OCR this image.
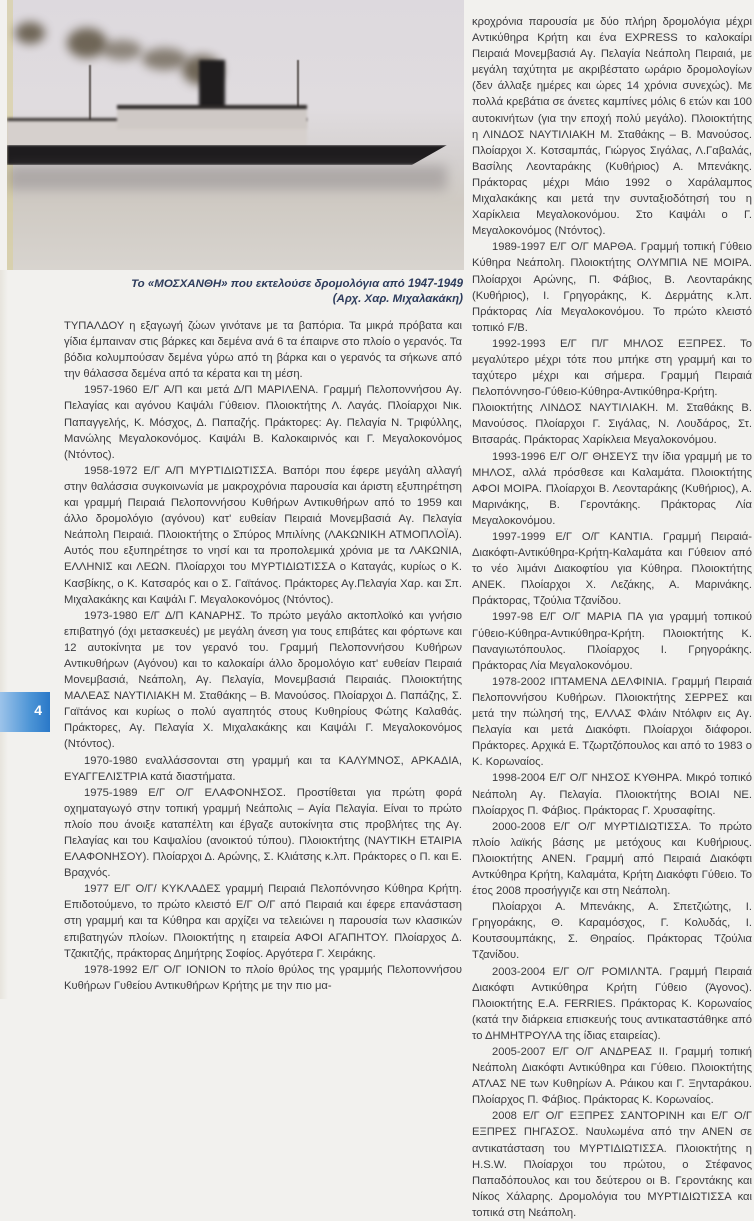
Το «ΜΟΣΧΑΝΘΗ» που εκτελούσε δρομολόγια από 1947-1949
(Αρχ. Χαρ. Μιχαλακάκη)
4

ΤΥΠΑΛΔΟΥ η εξαγωγή ζώων γινότανε με τα βαπόρια. Τα μικρά πρόβατα και γίδια έμπαιναν στις βάρκες και δεμένα ανά 6 τα έπαιρνε στο πλοίο ο γερανός. Τα βόδια κολυμπούσαν δεμένα γύρω από τη βάρκα και ο γερανός τα σήκωνε από την θάλασσα δεμένα από τα κέρατα και τη μέση.

1957-1960 Ε/Γ Α/Π και μετά Δ/Π ΜΑΡΙΛΕΝΑ. Γραμμή Πελοποννήσου Αγ. Πελαγίας και αγόνου Καψάλι Γύθειον. Πλοιοκτήτης Λ. Λαγάς. Πλοίαρχοι Νικ. Παπαγγελής, Κ. Μόσχος, Δ. Παπαζής. Πράκτορες: Αγ. Πελαγία Ν. Τριφύλλης, Μανώλης Μεγαλοκονόμος. Καψάλι Β. Καλοκαιρινός και Γ. Μεγαλοκονόμος (Ντόντος).

1958-1972 Ε/Γ Α/Π ΜΥΡΤΙΔΙΩΤΙΣΣΑ. Βαπόρι που έφερε μεγάλη αλλαγή στην θαλάσσια συγκοινωνία με μακροχρόνια παρουσία και άριστη εξυπηρέτηση και γραμμή Πειραιά Πελοποννήσου Κυθήρων Αντικυθήρων από το 1959 και άλλο δρομολόγιο (αγόνου) κατ' ευθείαν Πειραιά Μονεμβασιά Αγ. Πελαγία Νεάπολη Πειραιά. Πλοιοκτήτης ο Σπύρος Μπιλίνης (ΛΑΚΩΝΙΚΗ ΑΤΜΟΠΛΟΪΑ). Αυτός που εξυπηρέτησε το νησί και τα προπολεμικά χρόνια με τα ΛΑΚΩΝΙΑ, ΕΛΛΗΝΙΣ και ΛΕΩΝ. Πλοίαρχοι του ΜΥΡΤΙΔΙΩΤΙΣΣΑ ο Καταγάς, κυρίως ο Κ. Κασβίκης, ο Κ. Κατσαρός και ο Σ. Γαϊτάνος. Πράκτορες Αγ.Πελαγία Χαρ. και Σπ. Μιχαλακάκης και Καψάλι Γ. Μεγαλοκονόμος (Ντόντος).

1973-1980 Ε/Γ Δ/Π ΚΑΝΑΡΗΣ. Το πρώτο μεγάλο ακτοπλοϊκό και γνήσιο επιβατηγό (όχι μετασκευές) με μεγάλη άνεση για τους επιβάτες και φόρτωνε και 12 αυτοκίνητα με τον γερανό του. Γραμμή Πελοποννήσου Κυθήρων Αντικυθήρων (Αγόνου) και το καλοκαίρι άλλο δρομολόγιο κατ' ευθείαν Πειραιά Μονεμβασιά, Νεάπολη, Αγ. Πελαγία, Μονεμβασιά Πειραιάς. Πλοιοκτήτης ΜΑΛΕΑΣ ΝΑΥΤΙΛΙΑΚΗ Μ. Σταθάκης – Β. Μανούσος. Πλοίαρχοι Δ. Παπάζης, Σ. Γαϊτάνος και κυρίως ο πολύ αγαπητός στους Κυθηρίους Φώτης Καλαθάς. Πράκτορες, Αγ. Πελαγία Χ. Μιχαλακάκης και Καψάλι Γ. Μεγαλοκονόμος (Ντόντος).

1970-1980 εναλλάσσονται στη γραμμή και τα ΚΑΛΥΜΝΟΣ, ΑΡΚΑΔΙΑ, ΕΥΑΓΓΕΛΙΣΤΡΙΑ κατά διαστήματα.

1975-1989 Ε/Γ Ο/Γ ΕΛΑΦΟΝΗΣΟΣ. Προστίθεται για πρώτη φορά οχηματαγωγό στην τοπική γραμμή Νεάπολις – Αγία Πελαγία. Είναι το πρώτο πλοίο που άνοιξε καταπέλτη και έβγαζε αυτοκίνητα στις προβλήτες της Αγ. Πελαγίας και του Καψαλίου (ανοικτού τύπου). Πλοιοκτήτης (ΝΑΥΤΙΚΗ ΕΤΑΙΡΙΑ ΕΛΑΦΟΝΗΣΟΥ). Πλοίαρχοι Δ. Αρώνης, Σ. Κλιάτσης κ.λπ. Πράκτορες ο Π. και Ε. Βραχνός.

1977 Ε/Γ Ο/Γ/ ΚΥΚΛΑΔΕΣ γραμμή Πειραιά Πελοπόννησο Κύθηρα Κρήτη. Επιδοτούμενο, το πρώτο κλειστό Ε/Γ Ο/Γ από Πειραιά και έφερε επανάσταση στη γραμμή και τα Κύθηρα και αρχίζει να τελειώνει η παρουσία των κλασικών επιβατηγών πλοίων. Πλοιοκτήτης η εταιρεία ΑΦΟΙ ΑΓΑΠΗΤΟΥ. Πλοίαρχος Δ. Τζακιτζής, πράκτορας Δημήτρης Σοφίος. Αργότερα Γ. Χειράκης.

1978-1992 Ε/Γ Ο/Γ ΙΟΝΙΟΝ το πλοίο θρύλος της γραμμής Πελοποννήσου Κυθήρων Γυθείου Αντικυθήρων Κρήτης με την πιο μα-

κροχρόνια παρουσία με δύο πλήρη δρομολόγια μέχρι Αντικύθηρα Κρήτη και ένα EXPRESS το καλοκαίρι Πειραιά Μονεμβασιά Αγ. Πελαγία Νεάπολη Πειραιά, με μεγάλη ταχύτητα με ακριβέστατο ωράριο δρομολογίων (δεν άλλαξε ημέρες και ώρες 14 χρόνια συνεχώς). Με πολλά κρεβάτια σε άνετες καμπίνες μόλις 6 ετών και 100 αυτοκινήτων (για την εποχή πολύ μεγάλο). Πλοιοκτήτης η ΛΙΝΔΟΣ ΝΑΥΤΙΛΙΑΚΗ Μ. Σταθάκης – Β. Μανούσος. Πλοίαρχοι Χ. Κοτσαμπάς, Γιώργος Σιγάλας, Λ.Γαβαλάς, Βασίλης Λεονταράκης (Κυθήριος) Α. Μπενάκης. Πράκτορας μέχρι Μάιο 1992 ο Χαράλαμπος Μιχαλακάκης και μετά την συνταξιοδότησή του η Χαρίκλεια Μεγαλοκονόμου. Στο Καψάλι ο Γ. Μεγαλοκονόμος (Ντόντος).

1989-1997 Ε/Γ Ο/Γ ΜΑΡΘΑ. Γραμμή τοπική Γύθειο Κύθηρα Νεάπολη. Πλοιοκτήτης ΟΛΥΜΠΙΑ ΝΕ ΜΟΙΡΑ. Πλοίαρχοι Αρώνης, Π. Φάβιος, Β. Λεονταράκης (Κυθήριος), Ι. Γρηγοράκης, Κ. Δερμάτης κ.λπ. Πράκτορας Λία Μεγαλοκονόμου. Το πρώτο κλειστό τοπικό F/B.

1992-1993 Ε/Γ Π/Γ ΜΗΛΟΣ ΕΞΠΡΕΣ. Το μεγαλύτερο μέχρι τότε που μπήκε στη γραμμή και το ταχύτερο μέχρι και σήμερα. Γραμμή Πειραιά Πελοπόννησο-Γύθειο-Κύθηρα-Αντικύθηρα-Κρήτη. Πλοιοκτήτης ΛΙΝΔΟΣ ΝΑΥΤΙΛΙΑΚΗ. Μ. Σταθάκης Β. Μανούσος. Πλοίαρχοι Γ. Σιγάλας, Ν. Λουδάρος, Στ. Βιτσαράς. Πράκτορας Χαρίκλεια Μεγαλοκονόμου.

1993-1996 Ε/Γ Ο/Γ ΘΗΣΕΥΣ την ίδια γραμμή με το ΜΗΛΟΣ, αλλά πρόσθεσε και Καλαμάτα. Πλοιοκτήτης ΑΦΟΙ ΜΟΙΡΑ. Πλοίαρχοι Β. Λεονταράκης (Κυθήριος), Α. Μαρινάκης, Β. Γεροντάκης. Πράκτορας Λία Μεγαλοκονόμου.

1997-1999 Ε/Γ Ο/Γ ΚΑΝΤΙΑ. Γραμμή Πειραιά-Διακόφτι-Αντικύθηρα-Κρήτη-Καλαμάτα και Γύθειον από το νέο λιμάνι Διακοφτίου για Κύθηρα. Πλοιοκτήτης ΑΝΕΚ. Πλοίαρχοι Χ. Λεζάκης, Α. Μαρινάκης. Πράκτορας, Τζούλια Τζανίδου.

1997-98 Ε/Γ Ο/Γ ΜΑΡΙΑ ΠΑ για γραμμή τοπικού Γύθειο-Κύθηρα-Αντικύθηρα-Κρήτη. Πλοιοκτήτης Κ. Παναγιωτόπουλος. Πλοίαρχος Ι. Γρηγοράκης. Πράκτορας Λία Μεγαλοκονόμου.

1978-2002 ΙΠΤΑΜΕΝΑ ΔΕΛΦΙΝΙΑ. Γραμμή Πειραιά Πελοποννήσου Κυθήρων. Πλοιοκτήτης ΣΕΡΡΕΣ και μετά την πώλησή της, ΕΛΛΑΣ Φλάιν Ντόλφιν εις Αγ. Πελαγία και μετά Διακόφτι. Πλοίαρχοι διάφοροι. Πράκτορες. Αρχικά Ε. Τζωρτζόπουλος και από το 1983 ο Κ. Κορωναίος.

1998-2004 Ε/Γ Ο/Γ ΝΗΣΟΣ ΚΥΘΗΡΑ. Μικρό τοπικό Νεάπολη Αγ. Πελαγία. Πλοιοκτήτης ΒΟΙΑΙ ΝΕ. Πλοίαρχος Π. Φάβιος. Πράκτορας Γ. Χρυσαφίτης.

2000-2008 Ε/Γ Ο/Γ ΜΥΡΤΙΔΙΩΤΙΣΣΑ. Το πρώτο πλοίο λαϊκής βάσης με μετόχους και Κυθήριους. Πλοιοκτήτης ΑΝΕΝ. Γραμμή από Πειραιά Διακόφτι Αντκύθηρα Κρήτη, Καλαμάτα, Κρήτη Διακόφτι Γύθειο. Το έτος 2008 προσήγγιζε και στη Νεάπολη.

Πλοίαρχοι Α. Μπενάκης, Α. Σπετζιώτης, Ι. Γρηγοράκης, Θ. Καραμόσχος, Γ. Κολυδάς, Ι. Κουτσουμπάκης, Σ. Θηραίος. Πράκτορας Τζούλια Τζανίδου.

2003-2004 Ε/Γ Ο/Γ ΡΟΜΙΛΝΤΑ. Γραμμή Πειραιά Διακόφτι Αντικύθηρα Κρήτη Γύθειο (Άγονος). Πλοιοκτήτης Ε.Α. FERRIES. Πράκτορας Κ. Κορωναίος (κατά την διάρκεια επισκευής τους αντικαταστάθηκε από το ΔΗΜΗΤΡΟΥΛΑ της ίδιας εταιρείας).

2005-2007 Ε/Γ Ο/Γ ΑΝΔΡΕΑΣ ΙΙ. Γραμμή τοπική Νεάπολη Διακόφτι Αντικύθηρα και Γύθειο. Πλοιοκτήτης ΑΤΛΑΣ ΝΕ των Κυθηρίων Α. Ράικου και Γ. Ξηνταράκου. Πλοίαρχος Π. Φάβιος. Πράκτορας Κ. Κορωναίος.

2008 Ε/Γ Ο/Γ ΕΞΠΡΕΣ ΣΑΝΤΟΡΙΝΗ και Ε/Γ Ο/Γ ΕΞΠΡΕΣ ΠΗΓΑΣΟΣ. Ναυλωμένα από την ΑΝΕΝ σε αντικατάσταση του ΜΥΡΤΙΔΙΩΤΙΣΣΑ. Πλοιοκτήτης η H.S.W. Πλοίαρχοι του πρώτου, ο Στέφανος Παπαδόπουλος και του δεύτερου οι Β. Γεροντάκης και Νίκος Χάλαρης. Δρομολόγια του ΜΥΡΤΙΔΙΩΤΙΣΣΑ και τοπικά στη Νεάπολη.
